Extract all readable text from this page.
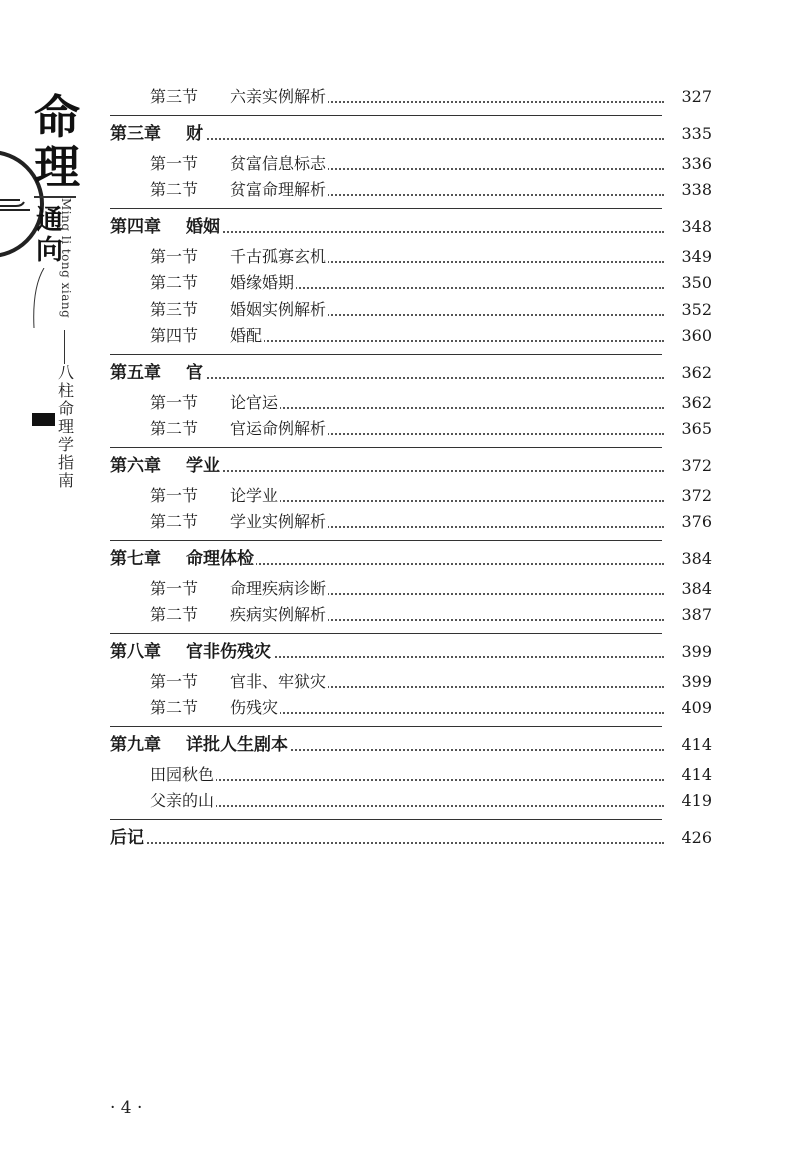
命
理
通
向
Ming li tong xiang
八柱命理学指南
第三节 六亲实例解析	327
第三章 财	335
第一节 贫富信息标志	336
第二节 贫富命理解析	338
第四章 婚姻	348
第一节 千古孤寡玄机	349
第二节 婚缘婚期	350
第三节 婚姻实例解析	352
第四节 婚配	360
第五章 官	362
第一节 论官运	362
第二节 官运命例解析	365
第六章 学业	372
第一节 论学业	372
第二节 学业实例解析	376
第七章 命理体检	384
第一节 命理疾病诊断	384
第二节 疾病实例解析	387
第八章 官非伤残灾	399
第一节 官非、牢狱灾	399
第二节 伤残灾	409
第九章 详批人生剧本	414
田园秋色	414
父亲的山	419
后记	426
· 4 ·
